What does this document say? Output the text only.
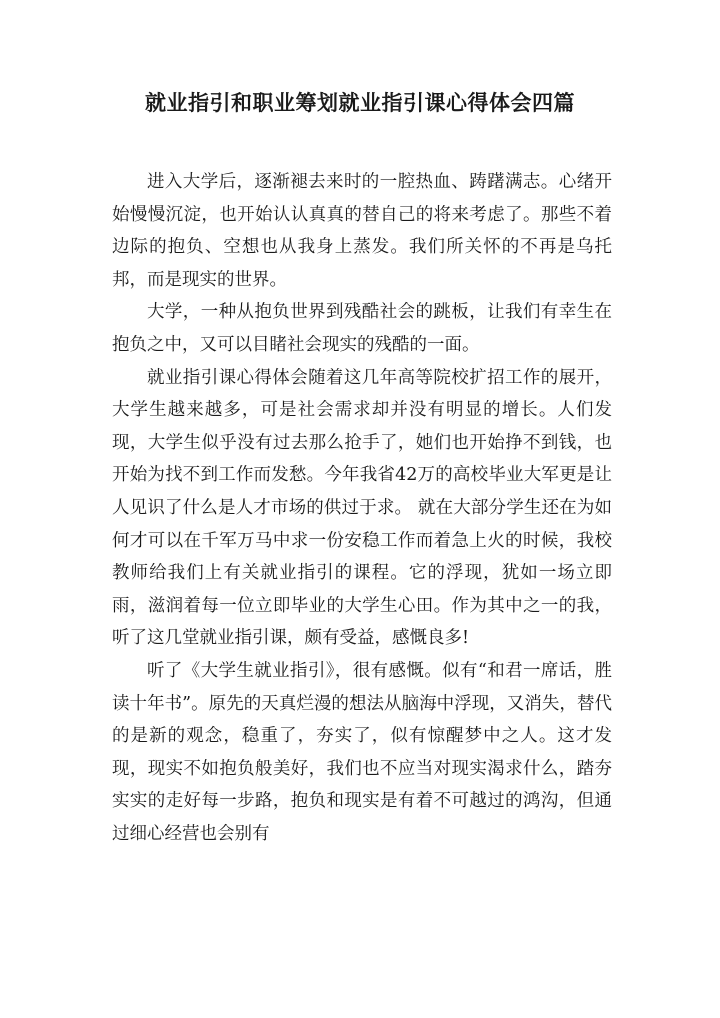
就业指引和职业筹划就业指引课心得体会四篇

进入大学后，逐渐褪去来时的一腔热血、踌躇满志。心绪开始慢慢沉淀，也开始认认真真的替自己的将来考虑了。那些不着边际的抱负、空想也从我身上蒸发。我们所关怀的不再是乌托邦，而是现实的世界。

大学，一种从抱负世界到残酷社会的跳板，让我们有幸生在抱负之中，又可以目睹社会现实的残酷的一面。

就业指引课心得体会随着这几年高等院校扩招工作的展开，大学生越来越多，可是社会需求却并没有明显的增长。人们发现，大学生似乎没有过去那么抢手了，她们也开始挣不到钱，也开始为找不到工作而发愁。今年我省42万的高校毕业大军更是让人见识了什么是人才市场的供过于求。 就在大部分学生还在为如何才可以在千军万马中求一份安稳工作而着急上火的时候，我校教师给我们上有关就业指引的课程。它的浮现，犹如一场立即雨，滋润着每一位立即毕业的大学生心田。作为其中之一的我，听了这几堂就业指引课，颇有受益，感慨良多!

听了《大学生就业指引》，很有感慨。似有“和君一席话，胜读十年书”。原先的天真烂漫的想法从脑海中浮现，又消失，替代的是新的观念，稳重了，夯实了，似有惊醒梦中之人。这才发现，现实不如抱负般美好，我们也不应当对现实渴求什么，踏夯实实的走好每一步路，抱负和现实是有着不可越过的鸿沟，但通过细心经营也会别有
